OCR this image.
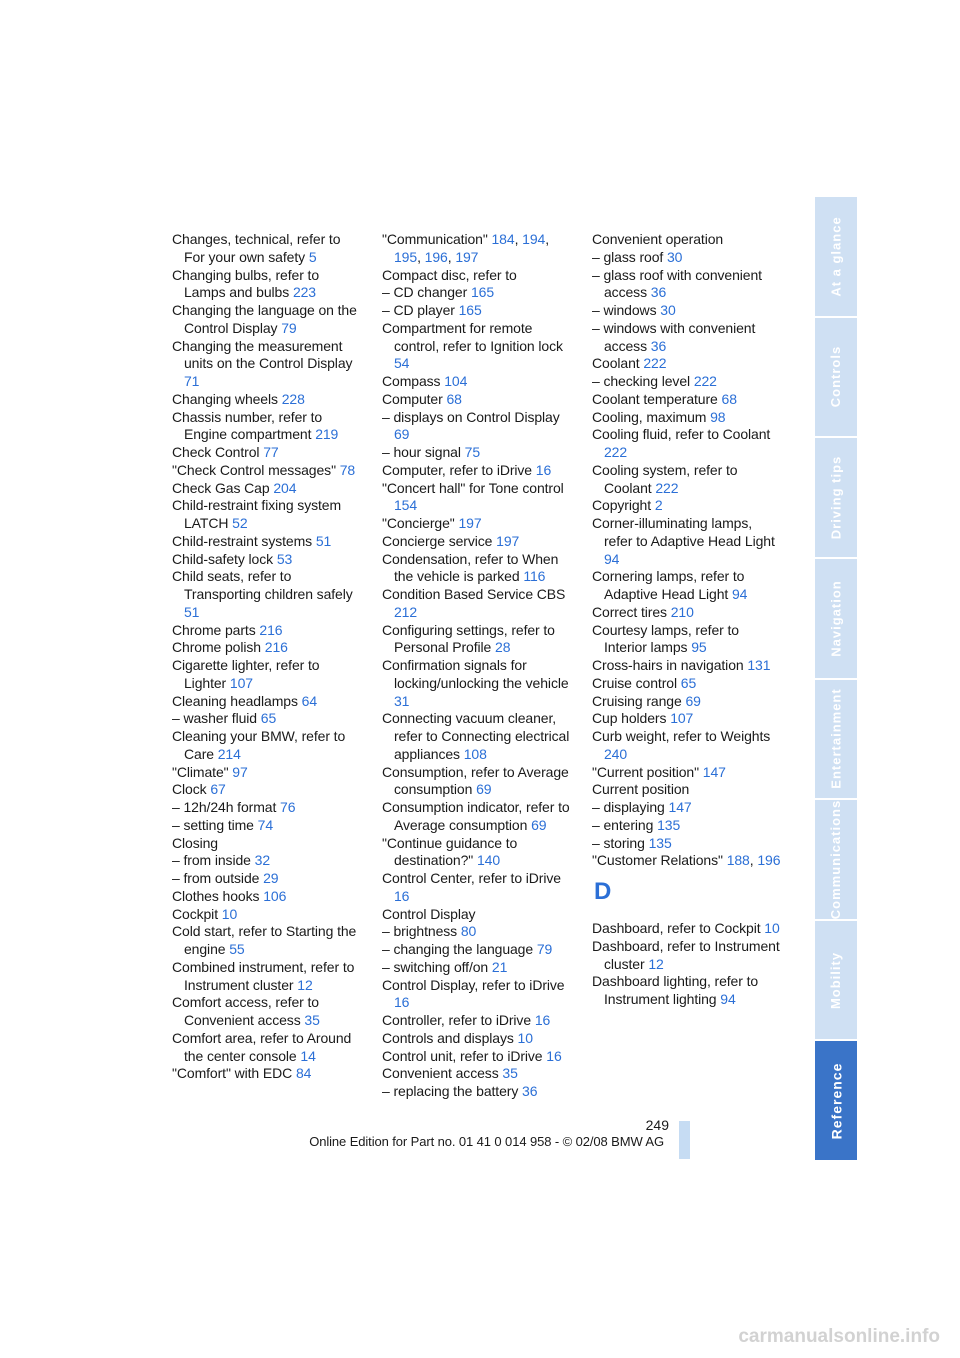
Changes, technical, refer to For your own safety 5
Changing bulbs, refer to Lamps and bulbs 223
Changing the language on the Control Display 79
Changing the measurement units on the Control Display 71
Changing wheels 228
Chassis number, refer to Engine compartment 219
Check Control 77
"Check Control messages" 78
Check Gas Cap 204
Child-restraint fixing system LATCH 52
Child-restraint systems 51
Child-safety lock 53
Child seats, refer to Transporting children safely 51
Chrome parts 216
Chrome polish 216
Cigarette lighter, refer to Lighter 107
Cleaning headlamps 64
– washer fluid 65
Cleaning your BMW, refer to Care 214
"Climate" 97
Clock 67
– 12h/24h format 76
– setting time 74
Closing
– from inside 32
– from outside 29
Clothes hooks 106
Cockpit 10
Cold start, refer to Starting the engine 55
Combined instrument, refer to Instrument cluster 12
Comfort access, refer to Convenient access 35
Comfort area, refer to Around the center console 14
"Comfort" with EDC 84
"Communication" 184, 194, 195, 196, 197
Compact disc, refer to
– CD changer 165
– CD player 165
Compartment for remote control, refer to Ignition lock 54
Compass 104
Computer 68
– displays on Control Display 69
– hour signal 75
Computer, refer to iDrive 16
"Concert hall" for Tone control 154
"Concierge" 197
Concierge service 197
Condensation, refer to When the vehicle is parked 116
Condition Based Service CBS 212
Configuring settings, refer to Personal Profile 28
Confirmation signals for locking/unlocking the vehicle 31
Connecting vacuum cleaner, refer to Connecting electrical appliances 108
Consumption, refer to Average consumption 69
Consumption indicator, refer to Average consumption 69
"Continue guidance to destination?" 140
Control Center, refer to iDrive 16
Control Display
– brightness 80
– changing the language 79
– switching off/on 21
Control Display, refer to iDrive 16
Controller, refer to iDrive 16
Controls and displays 10
Control unit, refer to iDrive 16
Convenient access 35
– replacing the battery 36
Convenient operation
– glass roof 30
– glass roof with convenient access 36
– windows 30
– windows with convenient access 36
Coolant 222
– checking level 222
Coolant temperature 68
Cooling, maximum 98
Cooling fluid, refer to Coolant 222
Cooling system, refer to Coolant 222
Copyright 2
Corner-illuminating lamps, refer to Adaptive Head Light 94
Cornering lamps, refer to Adaptive Head Light 94
Correct tires 210
Courtesy lamps, refer to Interior lamps 95
Cross-hairs in navigation 131
Cruise control 65
Cruising range 69
Cup holders 107
Curb weight, refer to Weights 240
"Current position" 147
Current position
– displaying 147
– entering 135
– storing 135
"Customer Relations" 188, 196
D
Dashboard, refer to Cockpit 10
Dashboard, refer to Instrument cluster 12
Dashboard lighting, refer to Instrument lighting 94
249
Online Edition for Part no. 01 41 0 014 958 - © 02/08 BMW AG
At a glance
Controls
Driving tips
Navigation
Entertainment
Communications
Mobility
Reference
carmanualsonline.info
